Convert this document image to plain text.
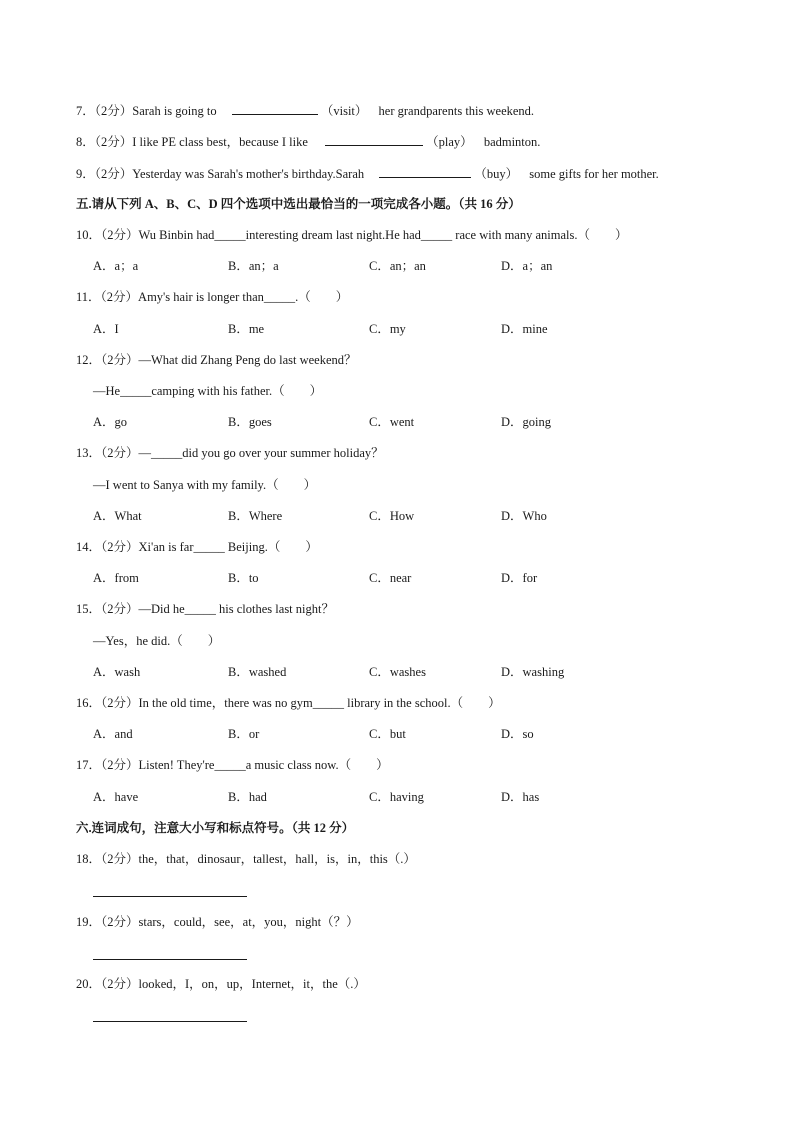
7．（2分）Sarah is going to	（visit） her grandparents this weekend.
8．（2分）I like PE class best，because I like	（play） badminton.
9．（2分）Yesterday was Sarah's mother's birthday.Sarah	（buy） some gifts for her mother.
五.请从下列 A、B、C、D 四个选项中选出最恰当的一项完成各小题。（共 16 分）
10．（2分）Wu Binbin had_____interesting dream last night.He had_____ race with many animals.（　　）
A．a；a	B．an；a	C．an；an	D．a；an
11．（2分）Amy's hair is longer than_____.（　　）
A．I	B．me	C．my	D．mine
12．（2分）—What did Zhang Peng do last weekend？
—He_____camping with his father.（　　）
A．go	B．goes	C．went	D．going
13．（2分）—_____did you go over your summer holiday？
—I went to Sanya with my family.（　　）
A．What	B．Where	C．How	D．Who
14．（2分）Xi'an is far_____ Beijing.（　　）
A．from	B．to	C．near	D．for
15．（2分）—Did he_____ his clothes last night？
—Yes，he did.（　　）
A．wash	B．washed	C．washes	D．washing
16．（2分）In the old time，there was no gym_____ library in the school.（　　）
A．and	B．or	C．but	D．so
17．（2分）Listen! They're_____a music class now.（　　）
A．have	B．had	C．having	D．has
六.连词成句，注意大小写和标点符号。（共 12 分）
18．（2分）the，that，dinosaur，tallest，hall，is，in，this（.）
19．（2分）stars，could，see，at，you，night（？）
20．（2分）looked，I，on，up，Internet，it，the（.）
